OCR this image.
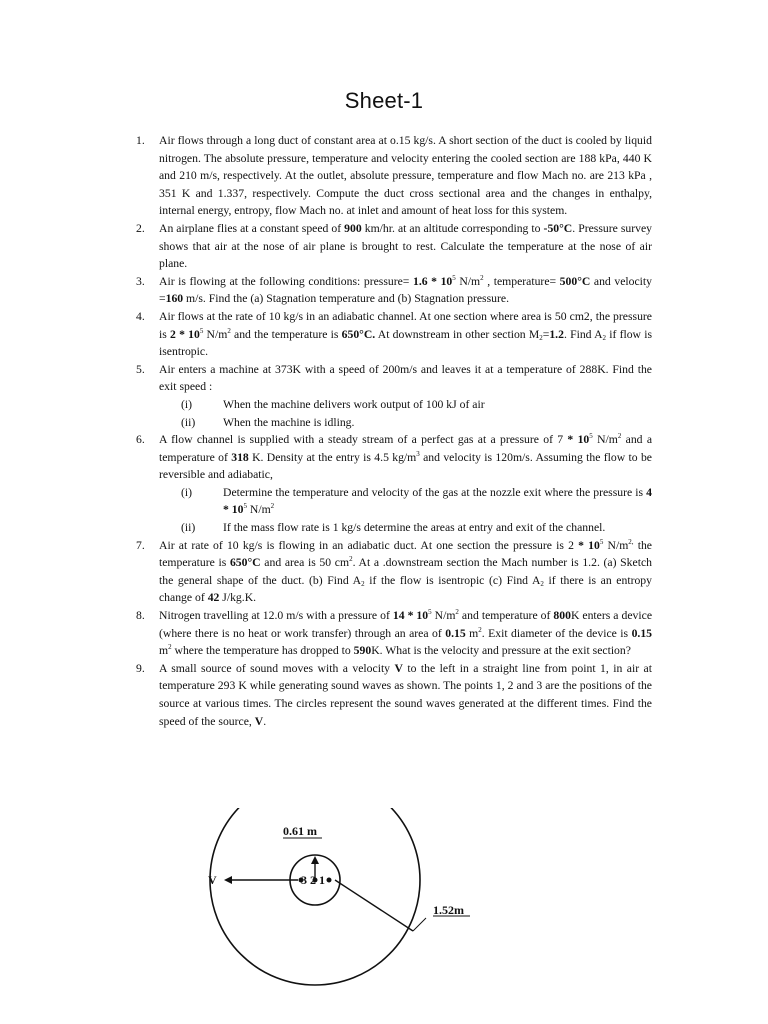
Sheet-1
1. Air flows through a long duct of constant area at o.15 kg/s. A short section of the duct is cooled by liquid nitrogen. The absolute pressure, temperature and velocity entering the cooled section are 188 kPa, 440 K and 210 m/s, respectively. At the outlet, absolute pressure, temperature and flow Mach no. are 213 kPa , 351 K and 1.337, respectively. Compute the duct cross sectional area and the changes in enthalpy, internal energy, entropy, flow Mach no. at inlet and amount of heat loss for this system.
2. An airplane flies at a constant speed of 900 km/hr. at an altitude corresponding to -50°C. Pressure survey shows that air at the nose of air plane is brought to rest. Calculate the temperature at the nose of air plane.
3. Air is flowing at the following conditions: pressure= $1.6 * 10^5$ $N/m^2$ , temperature= 500°C and velocity =160 m/s. Find the (a) Stagnation temperature and (b) Stagnation pressure.
4. Air flows at the rate of 10 kg/s in an adiabatic channel. At one section where area is 50 cm2, the pressure is $2 * 10^5$ $N/m^2$ and the temperature is 650°C. At downstream in other section $M_2=1.2$. Find $A_2$ if flow is isentropic.
5. Air enters a machine at 373K with a speed of 200m/s and leaves it at a temperature of 288K. Find the exit speed :
(i)	When the machine delivers work output of 100 kJ of air
(ii) When the machine is idling.
6. A flow channel is supplied with a steady stream of a perfect gas at a pressure of $7 * 10^5$ $N/m^2$ and a temperature of 318 K. Density at the entry is 4.5 $kg/m^3$ and velocity is 120m/s. Assuming the flow to be reversible and adiabatic,
(i)	Determine the temperature and velocity of the gas at the nozzle exit where the pressure is $4 * 10^5$ $N/m^2$
(ii) If the mass flow rate is 1 kg/s determine the areas at entry and exit of the channel.
7. Air at rate of 10 kg/s is flowing in an adiabatic duct. At one section the pressure is $2 * 10^5$ $N/m^{2,}$ the temperature is 650°C and area is 50 $cm^2$. At a .downstream section the Mach number is 1.2. (a) Sketch the general shape of the duct. (b) Find $A_2$ if the flow is isentropic (c) Find $A_2$ if there is an entropy change of 42 J/kg.K.
8. Nitrogen travelling at 12.0 m/s with a pressure of $14 * 10^5$ $N/m^2$ and temperature of 800K enters a device (where there is no heat or work transfer) through an area of 0.15 $m^2$. Exit diameter of the device is 0.15 $m^2$ where the temperature has dropped to 590K. What is the velocity and pressure at the exit section?
9. A small source of sound moves with a velocity V to the left in a straight line from point 1, in air at temperature 293 K while generating sound waves as shown. The points 1, 2 and 3 are the positions of the source at various times. The circles represent the sound waves generated at the different times. Find the speed of the source, V.
V	3 2 1
0.61 m
1.52m
